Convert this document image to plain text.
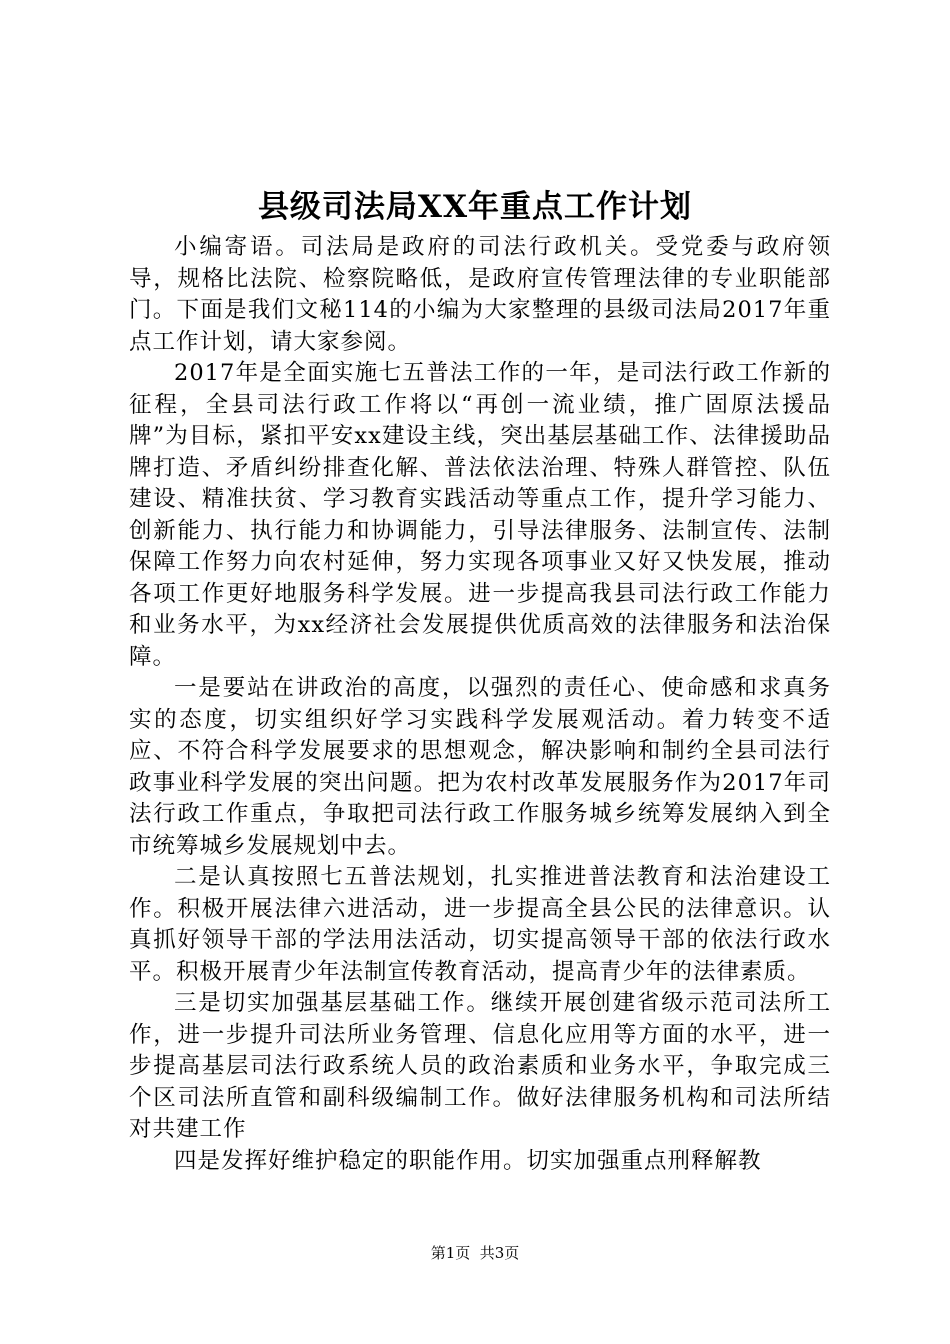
县级司法局XX年重点工作计划

小编寄语。司法局是政府的司法行政机关。受党委与政府领导，规格比法院、检察院略低，是政府宣传管理法律的专业职能部门。下面是我们文秘114的小编为大家整理的县级司法局2017年重点工作计划，请大家参阅。

2017年是全面实施七五普法工作的一年，是司法行政工作新的征程，全县司法行政工作将以“再创一流业绩，推广固原法援品牌”为目标，紧扣平安xx建设主线，突出基层基础工作、法律援助品牌打造、矛盾纠纷排查化解、普法依法治理、特殊人群管控、队伍建设、精准扶贫、学习教育实践活动等重点工作，提升学习能力、创新能力、执行能力和协调能力，引导法律服务、法制宣传、法制保障工作努力向农村延伸，努力实现各项事业又好又快发展，推动各项工作更好地服务科学发展。进一步提高我县司法行政工作能力和业务水平，为xx经济社会发展提供优质高效的法律服务和法治保障。

一是要站在讲政治的高度，以强烈的责任心、使命感和求真务实的态度，切实组织好学习实践科学发展观活动。着力转变不适应、不符合科学发展要求的思想观念，解决影响和制约全县司法行政事业科学发展的突出问题。把为农村改革发展服务作为2017年司法行政工作重点，争取把司法行政工作服务城乡统筹发展纳入到全市统筹城乡发展规划中去。

二是认真按照七五普法规划，扎实推进普法教育和法治建设工作。积极开展法律六进活动，进一步提高全县公民的法律意识。认真抓好领导干部的学法用法活动，切实提高领导干部的依法行政水平。积极开展青少年法制宣传教育活动，提高青少年的法律素质。

三是切实加强基层基础工作。继续开展创建省级示范司法所工作，进一步提升司法所业务管理、信息化应用等方面的水平，进一步提高基层司法行政系统人员的政治素质和业务水平，争取完成三个区司法所直管和副科级编制工作。做好法律服务机构和司法所结对共建工作

四是发挥好维护稳定的职能作用。切实加强重点刑释解教

第1页  共3页
